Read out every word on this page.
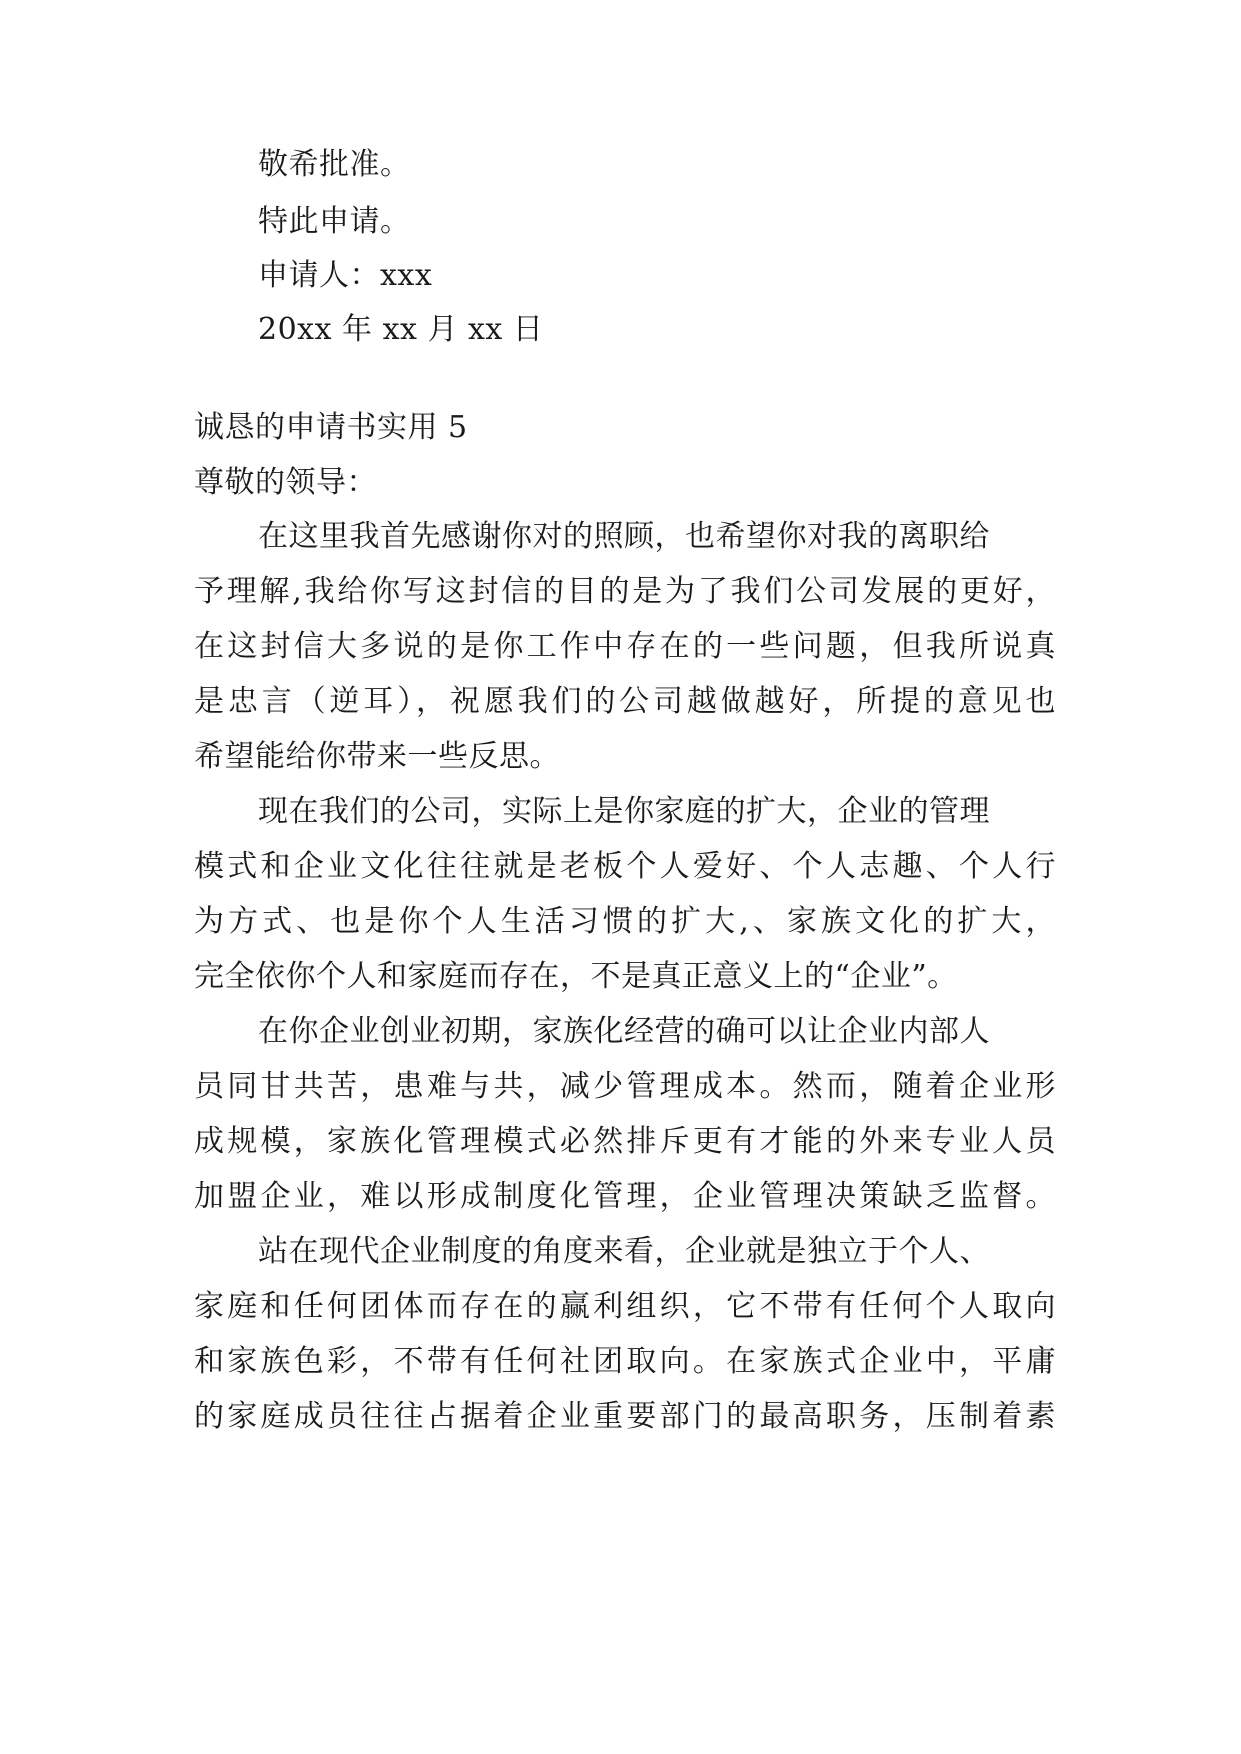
敬希批准。
特此申请。
申请人：xxx
20xx 年 xx 月 xx 日
诚恳的申请书实用 5
尊敬的领导：
在这里我首先感谢你对的照顾，也希望你对我的离职给
予理解,我给你写这封信的目的是为了我们公司发展的更好，
在这封信大多说的是你工作中存在的一些问题，但我所说真
是忠言（逆耳），祝愿我们的公司越做越好，所提的意见也
希望能给你带来一些反思。
现在我们的公司，实际上是你家庭的扩大，企业的管理
模式和企业文化往往就是老板个人爱好、个人志趣、个人行
为方式、也是你个人生活习惯的扩大,、家族文化的扩大，
完全依你个人和家庭而存在，不是真正意义上的“企业”。
在你企业创业初期，家族化经营的确可以让企业内部人
员同甘共苦，患难与共，减少管理成本。然而，随着企业形
成规模，家族化管理模式必然排斥更有才能的外来专业人员
加盟企业，难以形成制度化管理，企业管理决策缺乏监督。
站在现代企业制度的角度来看，企业就是独立于个人、
家庭和任何团体而存在的赢利组织，它不带有任何个人取向
和家族色彩，不带有任何社团取向。在家族式企业中，平庸
的家庭成员往往占据着企业重要部门的最高职务，压制着素
